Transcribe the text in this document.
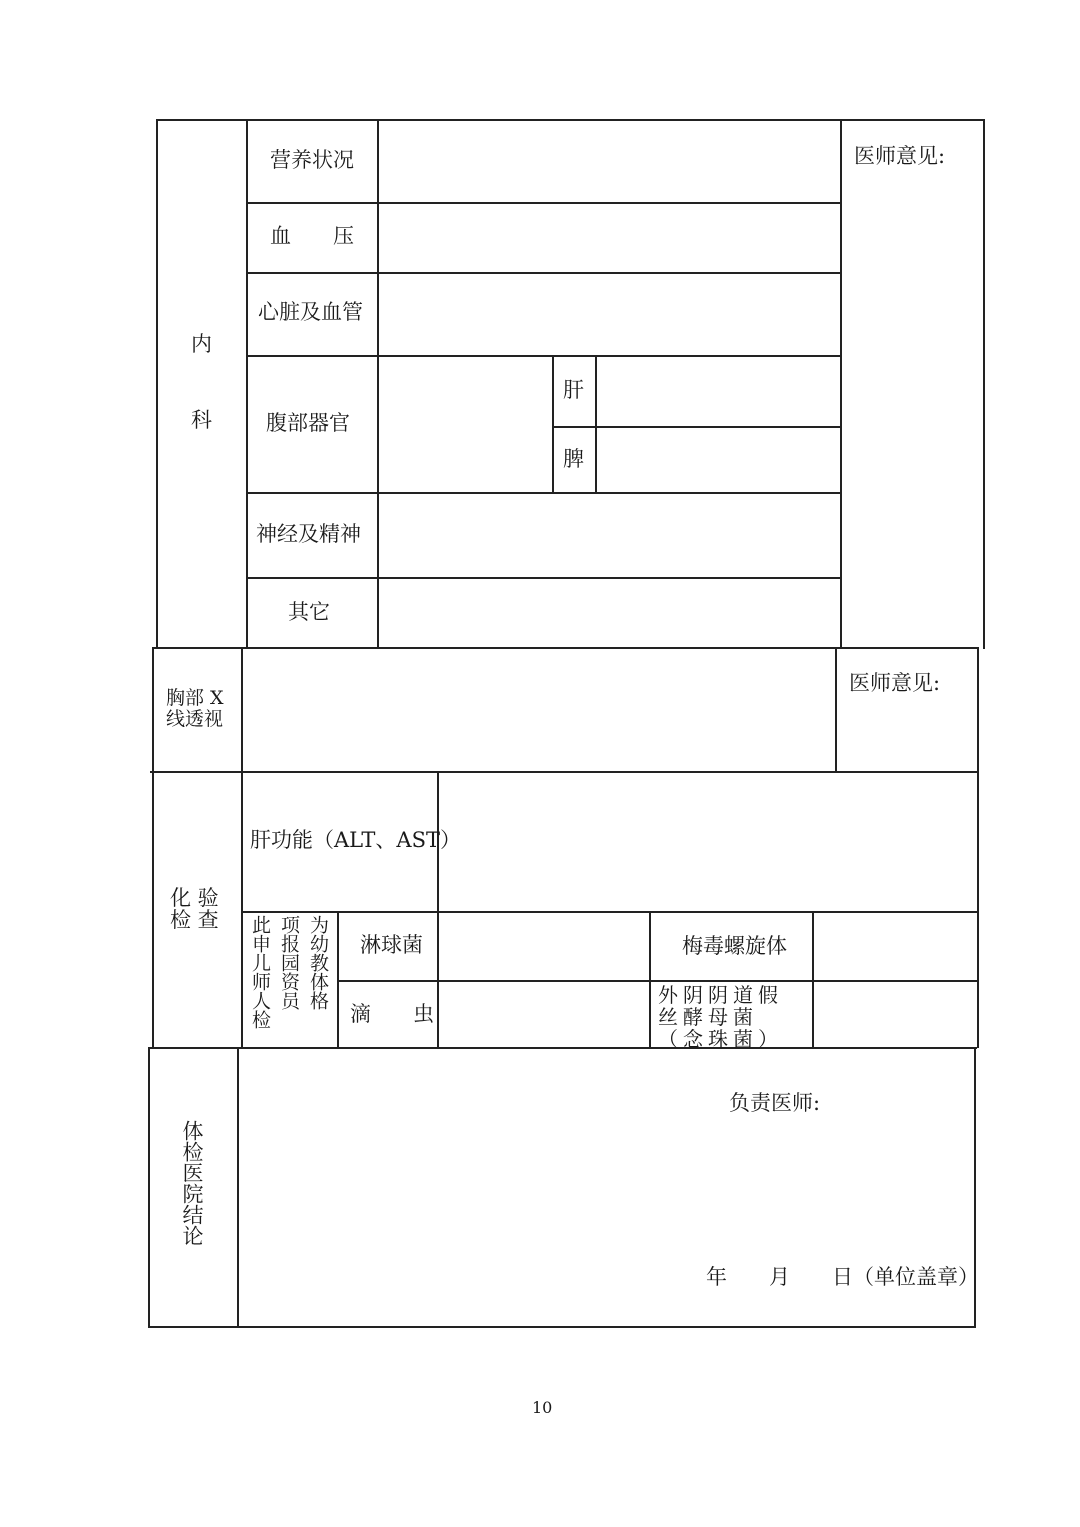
内
科
营养状况
血　　压
心脏及血管
腹部器官
肝
脾
神经及精神
其它
医师意见:
胸部 X
线透视
医师意见:
化 验
检 查
肝功能（ALT、AST）
此申儿师人检 项报园资员 为幼教体格 淋球菌
滴　　虫
梅毒螺旋体
外阴阴道假丝酵母菌（念珠菌）
体检医院结论
负责医师:
年　　月　　日（单位盖章）
10
